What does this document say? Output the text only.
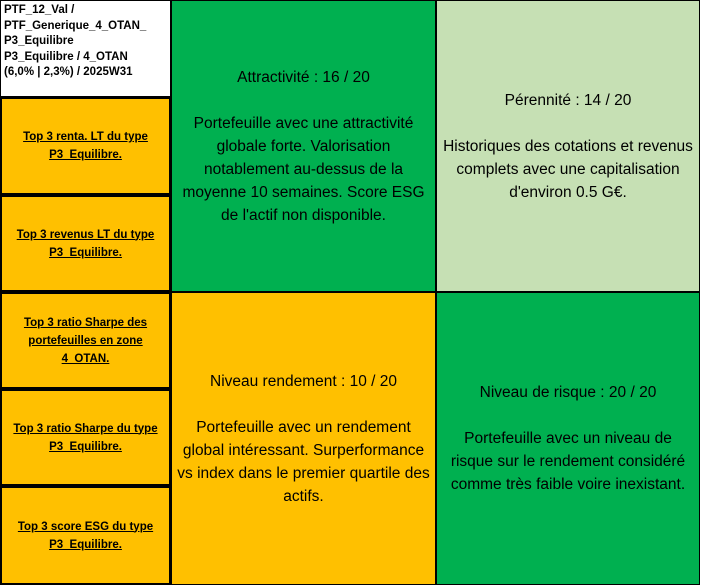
PTF_12_Val /
PTF_Generique_4_OTAN_
P3_Equilibre
P3_Equilibre / 4_OTAN
(6,0% | 2,3%) / 2025W31
Top 3 renta. LT du type P3_Equilibre.
Top 3 revenus LT du type P3_Equilibre.
Top 3 ratio Sharpe des portefeuilles en zone 4_OTAN.
Top 3 ratio Sharpe du type P3_Equilibre.
Top 3 score ESG du type P3_Equilibre.
Attractivité : 16 / 20
Portefeuille avec une attractivité globale forte. Valorisation notablement au-dessus de la moyenne 10 semaines. Score ESG de l'actif non disponible.
Pérennité : 14 / 20
Historiques des cotations et revenus complets avec une capitalisation d'environ 0.5 G€.
Niveau rendement : 10 / 20
Portefeuille avec un rendement global intéressant. Surperformance vs index dans le premier quartile des actifs.
Niveau de risque : 20 / 20
Portefeuille avec un niveau de risque sur le rendement considéré comme très faible voire inexistant.
